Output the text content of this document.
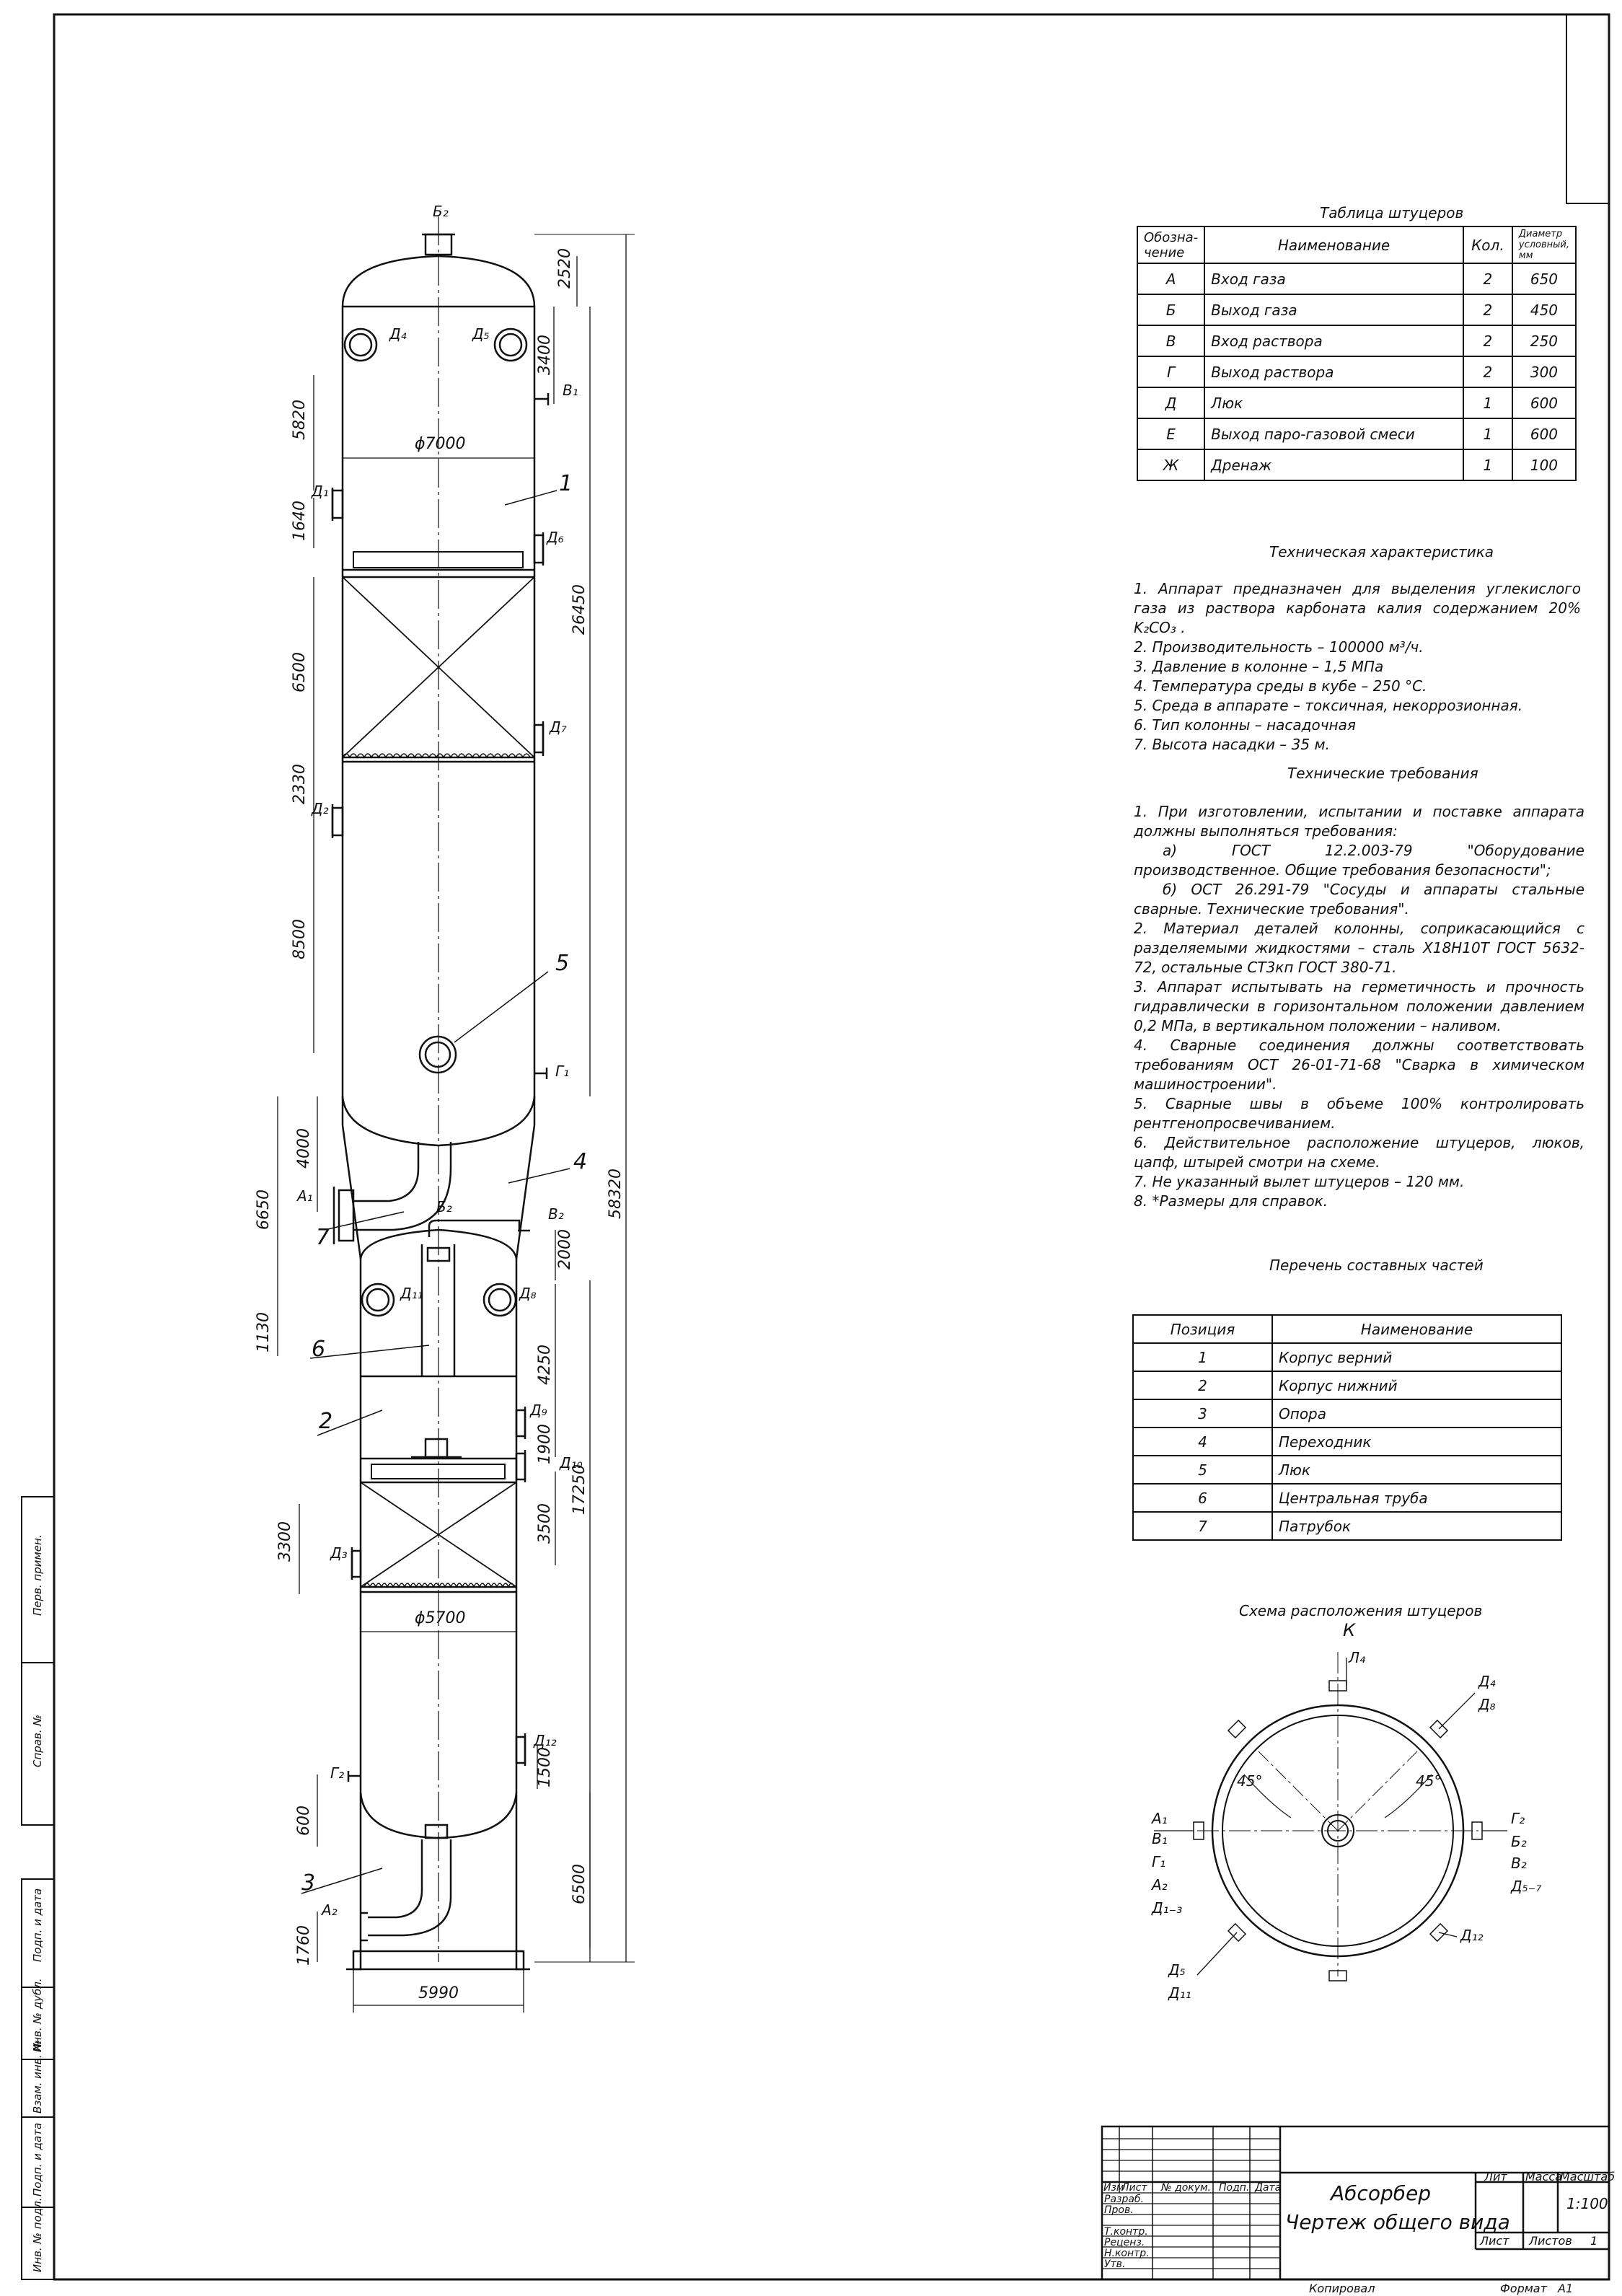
Перв. примен.
Справ. №
Подп. и дата
Инв. № дубл.
Взам. инв. №
Подп. и дата
Инв. № подл.
ϕ7000
ϕ5700
5990
5820
1640
6500
2330
8500
6650
4000
1130
3300
600
1760
2520
3400
26450
2000
4250
1900
3500
17250
1500
6500
58320
Б₂
Д₄	Д₅
В₁
Д₁
Д₆
Д₇
Д₂
Г₁
А₁
Б₂	В₂
Д₁₁	Д₈
Д₉
Д₁₀
Д₃
Д₁₂
Г₂
А₂
1
2
3
4
5
6
7
Схема расположения штуцеров
К
Л₄
Д₄
Д₈
45°	45°
А₁
В₁
Г₁
А₂
Д₁₋₃
Г₂
Б₂
В₂
Д₅₋₇
Д₁₂
Д₅
Д₁₁
Изм
Лист № докум. Подп. Дата
Разраб.
Пров.
Т.контр.
Реценз.
Н.контр.
Утв.
Лит Масса
Масштаб
1:100
Лист Листов 1
Копировал	Формат А1
Абсорбер
Чертеж общего вида
Таблица штуцеров
Обозна-чение	Наименование	Кол.	Диаметр условный, мм
А	Вход газа	2	650
Б	Выход газа	2	450
В	Вход раствора	2	250
Г	Выход раствора	2	300
Д	Люк	1	600
Е	Выход паро-газовой смеси	1	600
Ж	Дренаж	1	100
Техническая характеристика

1. Аппарат предназначен для выделения углекислого газа из раствора карбоната калия содержанием 20% K₂CO₃ .

2. Производительность – 100000 м³/ч.

3. Давление в колонне – 1,5 МПа

4. Температура среды в кубе – 250 °С.

5. Среда в аппарате – токсичная, некоррозионная.

6. Тип колонны – насадочная

7. Высота насадки – 35 м.

Технические требования

1. При изготовлении, испытании и поставке аппарата должны выполняться требования:

а) ГОСТ 12.2.003-79 "Оборудование производственное. Общие требования безопасности";

б) ОСТ 26.291-79 "Сосуды и аппараты стальные сварные. Технические требования".

2. Материал деталей колонны, соприкасающийся с разделяемыми жидкостями – сталь Х18Н10Т ГОСТ 5632-72, остальные СТ3кп ГОСТ 380-71.

3. Аппарат испытывать на герметичность и прочность гидравлически в горизонтальном положении давлением 0,2 МПа, в вертикальном положении – наливом.

4. Сварные соединения должны соответствовать требованиям ОСТ 26-01-71-68 "Сварка в химическом машиностроении".

5. Сварные швы в объеме 100% контролировать рентгенопросвечиванием.

6. Действительное расположение штуцеров, люков, цапф, штырей смотри на схеме.

7. Не указанный вылет штуцеров – 120 мм.

8. *Размеры для справок.

Перечень составных частей
Позиция	Наименование
1	Корпус верний
2	Корпус нижний
3	Опора
4	Переходник
5	Люк
6	Центральная труба
7	Патрубок
